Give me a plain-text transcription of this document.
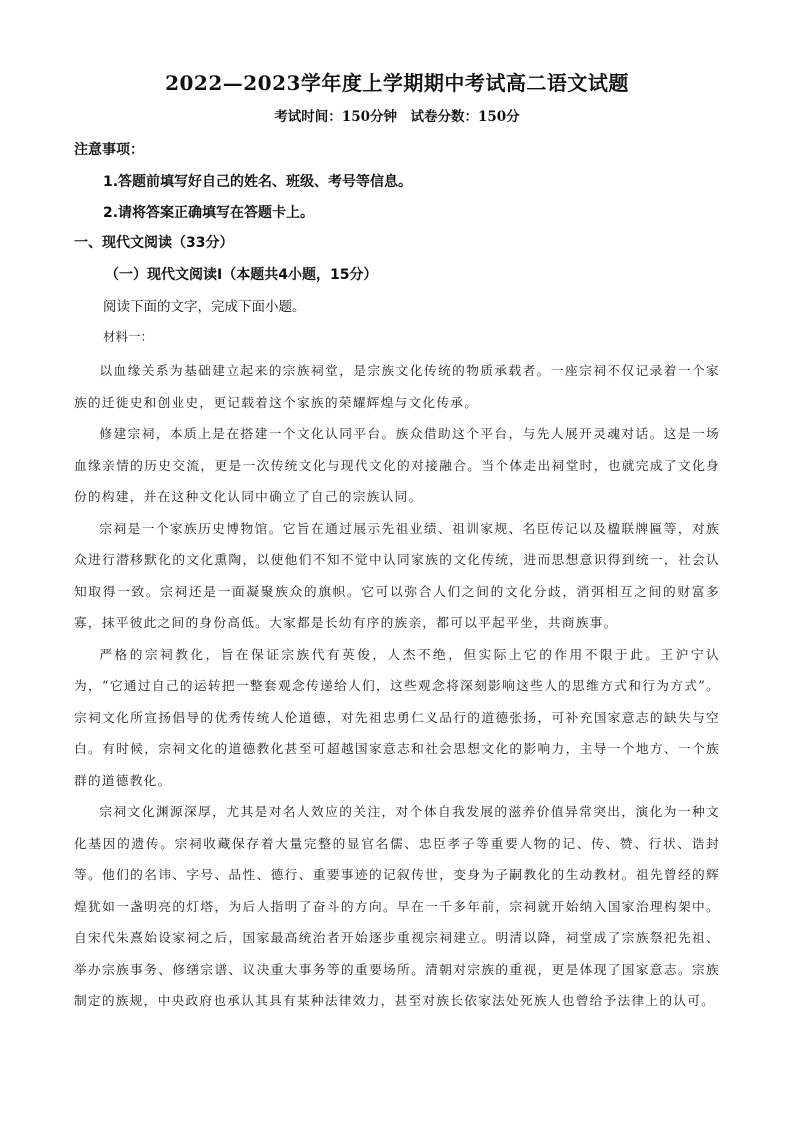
2022—2023学年度上学期期中考试高二语文试题
考试时间：150分钟　试卷分数：150分
注意事项：
1.答题前填写好自己的姓名、班级、考号等信息。
2.请将答案正确填写在答题卡上。
一、现代文阅读（33分）
（一）现代文阅读Ⅰ（本题共4小题，15分）
阅读下面的文字，完成下面小题。
材料一：

以血缘关系为基础建立起来的宗族祠堂，是宗族文化传统的物质承载者。一座宗祠不仅记录着一个家族的迁徙史和创业史，更记载着这个家族的荣耀辉煌与文化传承。

修建宗祠，本质上是在搭建一个文化认同平台。族众借助这个平台，与先人展开灵魂对话。这是一场血缘亲情的历史交流，更是一次传统文化与现代文化的对接融合。当个体走出祠堂时，也就完成了文化身份的构建，并在这种文化认同中确立了自己的宗族认同。

宗祠是一个家族历史博物馆。它旨在通过展示先祖业绩、祖训家规、名臣传记以及楹联牌匾等，对族众进行潜移默化的文化熏陶，以使他们不知不觉中认同家族的文化传统，进而思想意识得到统一，社会认知取得一致。宗祠还是一面凝聚族众的旗帜。它可以弥合人们之间的文化分歧，消弭相互之间的财富多寡，抹平彼此之间的身份高低。大家都是长幼有序的族亲，都可以平起平坐，共商族事。

严格的宗祠教化，旨在保证宗族代有英俊，人杰不绝，但实际上它的作用不限于此。王沪宁认为，“它通过自己的运转把一整套观念传递给人们，这些观念将深刻影响这些人的思维方式和行为方式”。宗祠文化所宣扬倡导的优秀传统人伦道德，对先祖忠勇仁义品行的道德张扬，可补充国家意志的缺失与空白。有时候，宗祠文化的道德教化甚至可超越国家意志和社会思想文化的影响力，主导一个地方、一个族群的道德教化。

宗祠文化渊源深厚，尤其是对名人效应的关注，对个体自我发展的滋养价值异常突出，演化为一种文化基因的遗传。宗祠收藏保存着大量完整的显官名儒、忠臣孝子等重要人物的记、传、赞、行状、诰封等。他们的名讳、字号、品性、德行、重要事迹的记叙传世，变身为子嗣教化的生动教材。祖先曾经的辉煌犹如一盏明亮的灯塔，为后人指明了奋斗的方向。早在一千多年前，宗祠就开始纳入国家治理构架中。自宋代朱熹始设家祠之后，国家最高统治者开始逐步重视宗祠建立。明清以降，祠堂成了宗族祭祀先祖、举办宗族事务、修缮宗谱、议决重大事务等的重要场所。清朝对宗族的重视，更是体现了国家意志。宗族制定的族规，中央政府也承认其具有某种法律效力，甚至对族长依家法处死族人也曾给予法律上的认可。
